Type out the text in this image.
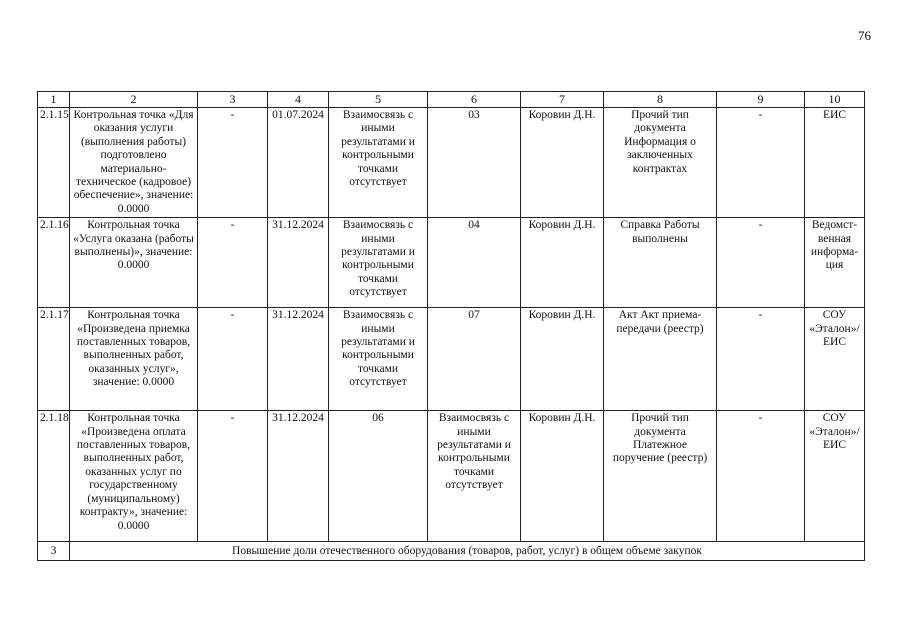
76
1	2	3	4	5	6	7	8	9	10
2.1.15	Контрольная точка «Для оказания услуги (выполнения работы) подготовлено материально-техническое (кадровое) обеспечение», значение: 0.0000	-	01.07.2024	Взаимосвязь с иными результатами и контрольными точками отсутствует	03	Коровин Д.Н.	Прочий тип документа Информация о заключенных контрактах	-	ЕИС
2.1.16	Контрольная точка «Услуга оказана (работы выполнены)», значение: 0.0000	-	31.12.2024	Взаимосвязь с иными результатами и контрольными точками отсутствует	04	Коровин Д.Н.	Справка Работы выполнены	-	Ведомст-венная информа-ция
2.1.17	Контрольная точка «Произведена приемка поставленных товаров, выполненных работ, оказанных услуг», значение: 0.0000	-	31.12.2024	Взаимосвязь с иными результатами и контрольными точками отсутствует	07	Коровин Д.Н.	Акт Акт приема-передачи (реестр)	-	СОУ «Эталон»/ ЕИС
2.1.18	Контрольная точка «Произведена оплата поставленных товаров, выполненных работ, оказанных услуг по государственному (муниципальному) контракту», значение: 0.0000	-	31.12.2024	06	Взаимосвязь с иными результатами и контрольными точками отсутствует	Коровин Д.Н.	Прочий тип документа Платежное поручение (реестр)	-	СОУ «Эталон»/ ЕИС
3	Повышение доли отечественного оборудования (товаров, работ, услуг) в общем объеме закупок								
